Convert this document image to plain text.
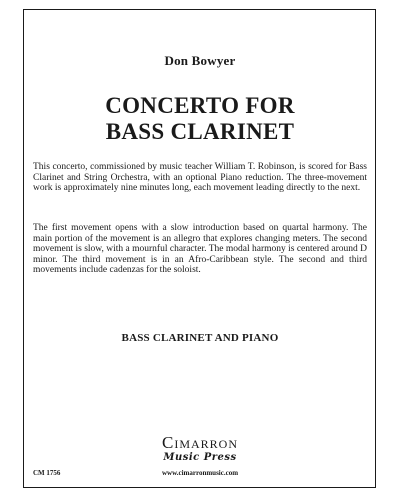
Don Bowyer
CONCERTO FOR
BASS CLARINET

This concerto, commissioned by music teacher William T. Robinson, is scored for Bass Clarinet and String Orchestra, with an optional Piano reduction. The three-movement work is approximately nine minutes long, each movement leading directly to the next.

The first movement opens with a slow introduction based on quartal harmony. The main portion of the movement is an allegro that explores changing meters. The second movement is slow, with a mournful character. The modal harmony is centered around D minor. The third movement is in an Afro-Caribbean style. The second and third movements include cadenzas for the soloist.

BASS CLARINET AND PIANO
Cimarron
Music Press
CM 1756	www.cimarronmusic.com
